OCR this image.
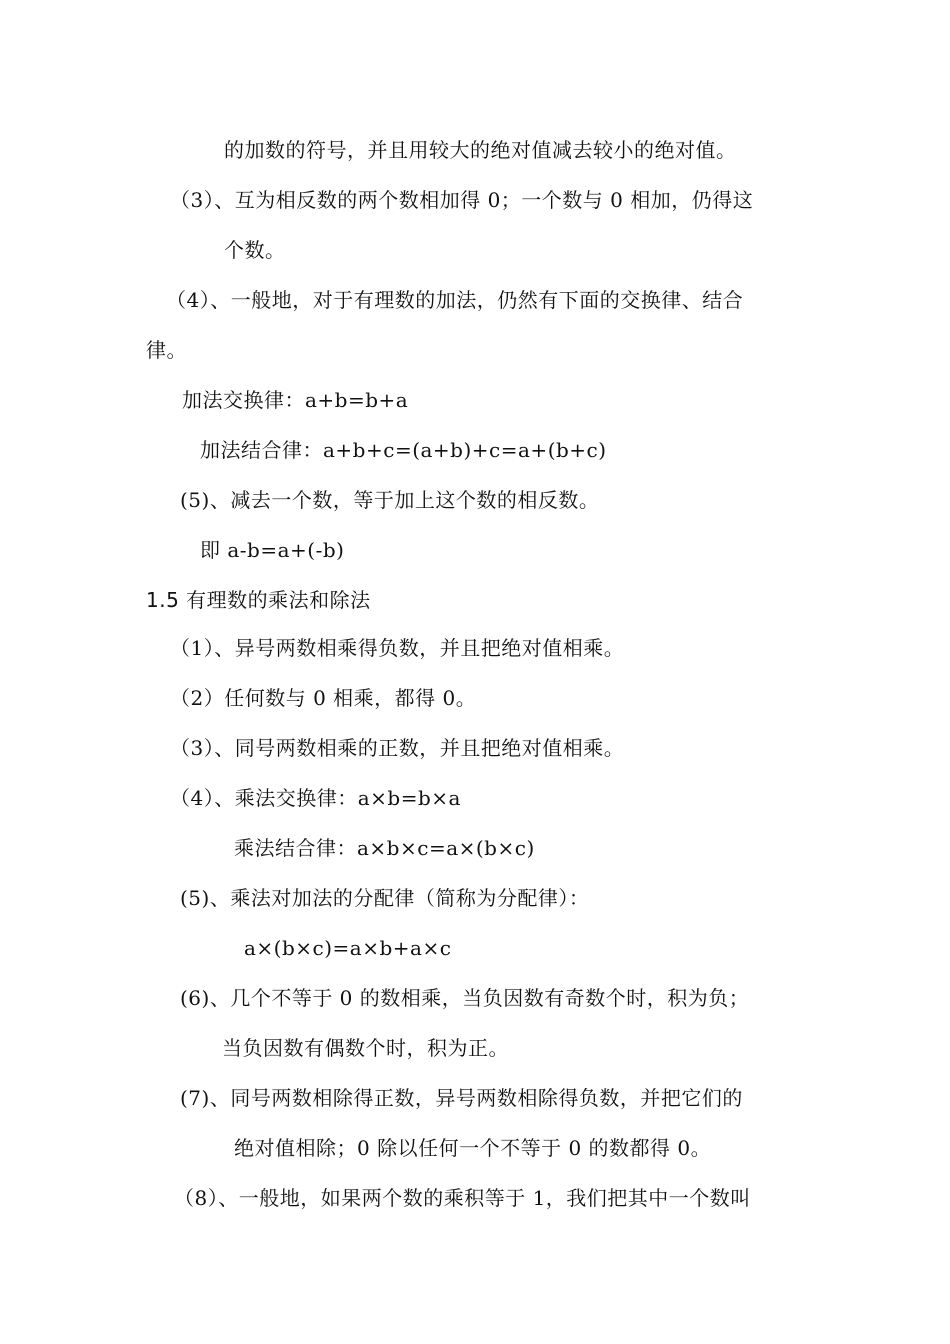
的加数的符号，并且用较大的绝对值减去较小的绝对值。
（3）、互为相反数的两个数相加得 0；一个数与 0 相加，仍得这
个数。
（4）、一般地，对于有理数的加法，仍然有下面的交换律、结合
律。
加法交换律：a+b=b+a
加法结合律：a+b+c=(a+b)+c=a+(b+c)
(5)、减去一个数，等于加上这个数的相反数。
即 a-b=a+(-b)
1.5 有理数的乘法和除法
（1）、异号两数相乘得负数，并且把绝对值相乘。
（2）任何数与 0 相乘，都得 0。
（3）、同号两数相乘的正数，并且把绝对值相乘。
（4）、乘法交换律：a×b=b×a
乘法结合律：a×b×c=a×(b×c)
(5)、乘法对加法的分配律（简称为分配律）：
a×(b×c)=a×b+a×c
(6)、几个不等于 0 的数相乘，当负因数有奇数个时，积为负；
当负因数有偶数个时，积为正。
(7)、同号两数相除得正数，异号两数相除得负数，并把它们的
绝对值相除；0 除以任何一个不等于 0 的数都得 0。
（8）、一般地，如果两个数的乘积等于 1，我们把其中一个数叫
